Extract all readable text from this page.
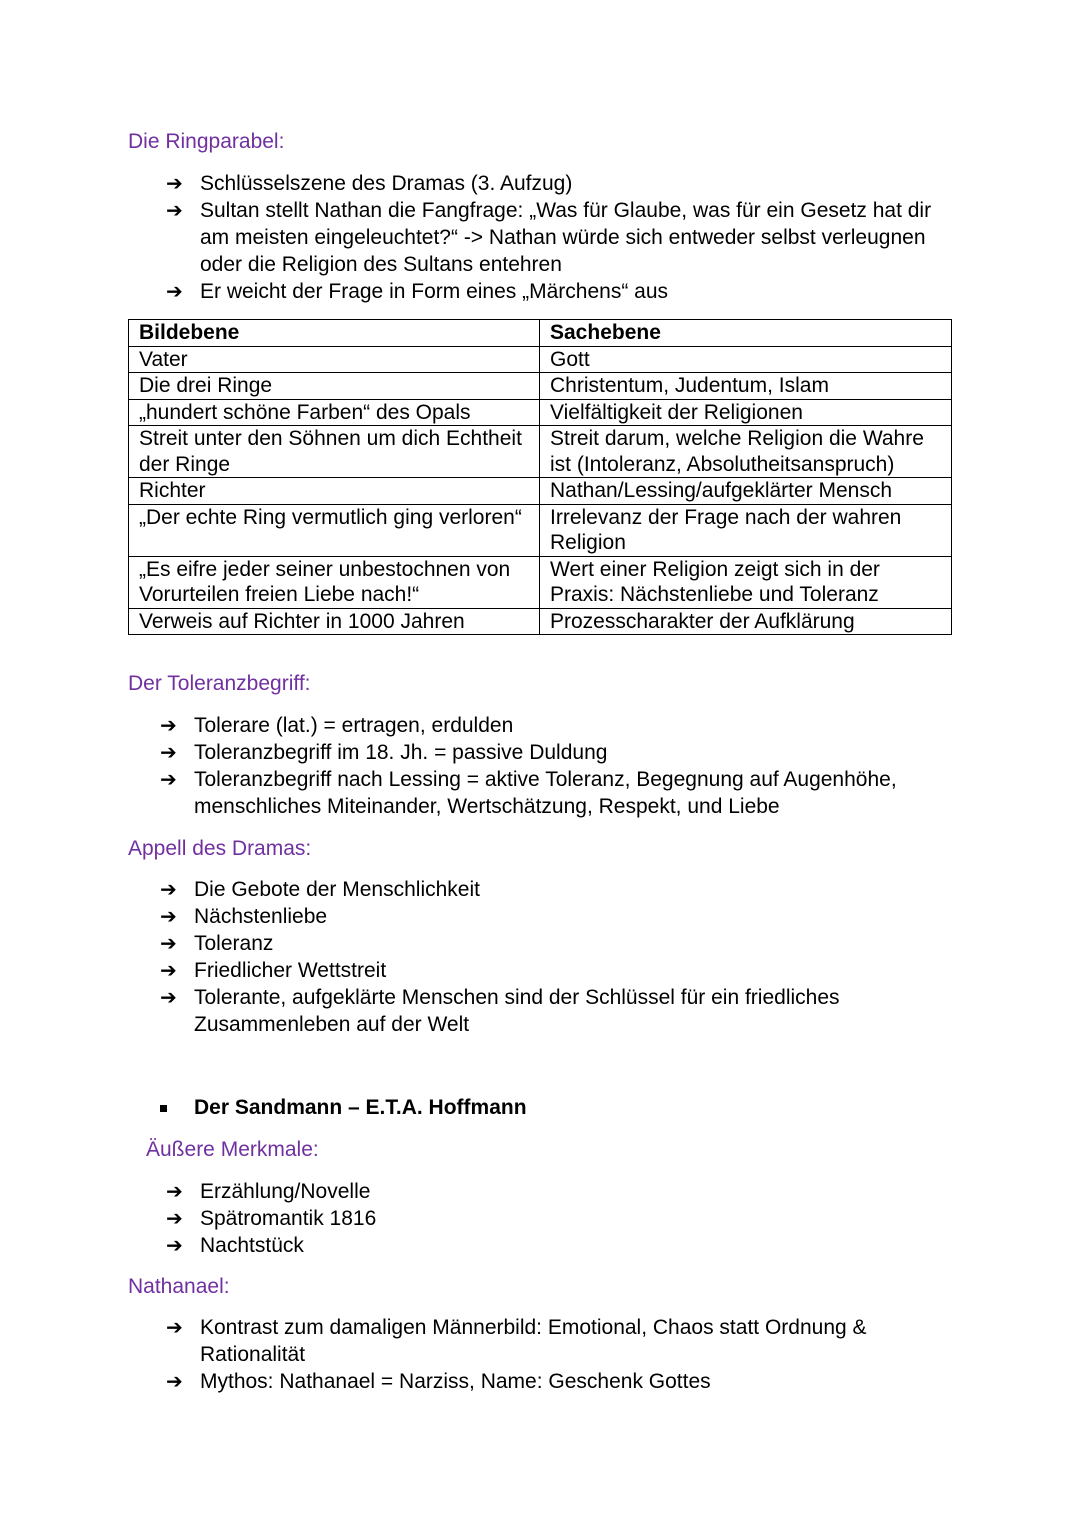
Die Ringparabel:
➔ Schlüsselszene des Dramas (3. Aufzug)
➔ Sultan stellt Nathan die Fangfrage: „Was für Glaube, was für ein Gesetz hat dir am meisten eingeleuchtet?“ -> Nathan würde sich entweder selbst verleugnen oder die Religion des Sultans entehren
➔ Er weicht der Frage in Form eines „Märchens“ aus
Bildebene	Sachebene
Vater	Gott
Die drei Ringe	Christentum, Judentum, Islam
„hundert schöne Farben“ des Opals	Vielfältigkeit der Religionen
Streit unter den Söhnen um dich Echtheit der Ringe	Streit darum, welche Religion die Wahre ist (Intoleranz, Absolutheitsanspruch)
Richter	Nathan/Lessing/aufgeklärter Mensch
„Der echte Ring vermutlich ging verloren“	Irrelevanz der Frage nach der wahren Religion
„Es eifre jeder seiner unbestochnen von Vorurteilen freien Liebe nach!“	Wert einer Religion zeigt sich in der Praxis: Nächstenliebe und Toleranz
Verweis auf Richter in 1000 Jahren	Prozesscharakter der Aufklärung
Der Toleranzbegriff:
➔ Tolerare (lat.) = ertragen, erdulden
➔ Toleranzbegriff im 18. Jh. = passive Duldung
➔ Toleranzbegriff nach Lessing = aktive Toleranz, Begegnung auf Augenhöhe, menschliches Miteinander, Wertschätzung, Respekt, und Liebe
Appell des Dramas:
➔ Die Gebote der Menschlichkeit
➔ Nächstenliebe
➔ Toleranz
➔ Friedlicher Wettstreit
➔ Tolerante, aufgeklärte Menschen sind der Schlüssel für ein friedliches Zusammenleben auf der Welt
Der Sandmann – E.T.A. Hoffmann
Äußere Merkmale:
➔ Erzählung/Novelle
➔ Spätromantik 1816
➔ Nachtstück
Nathanael:
➔ Kontrast zum damaligen Männerbild: Emotional, Chaos statt Ordnung & Rationalität
➔ Mythos: Nathanael = Narziss, Name: Geschenk Gottes
